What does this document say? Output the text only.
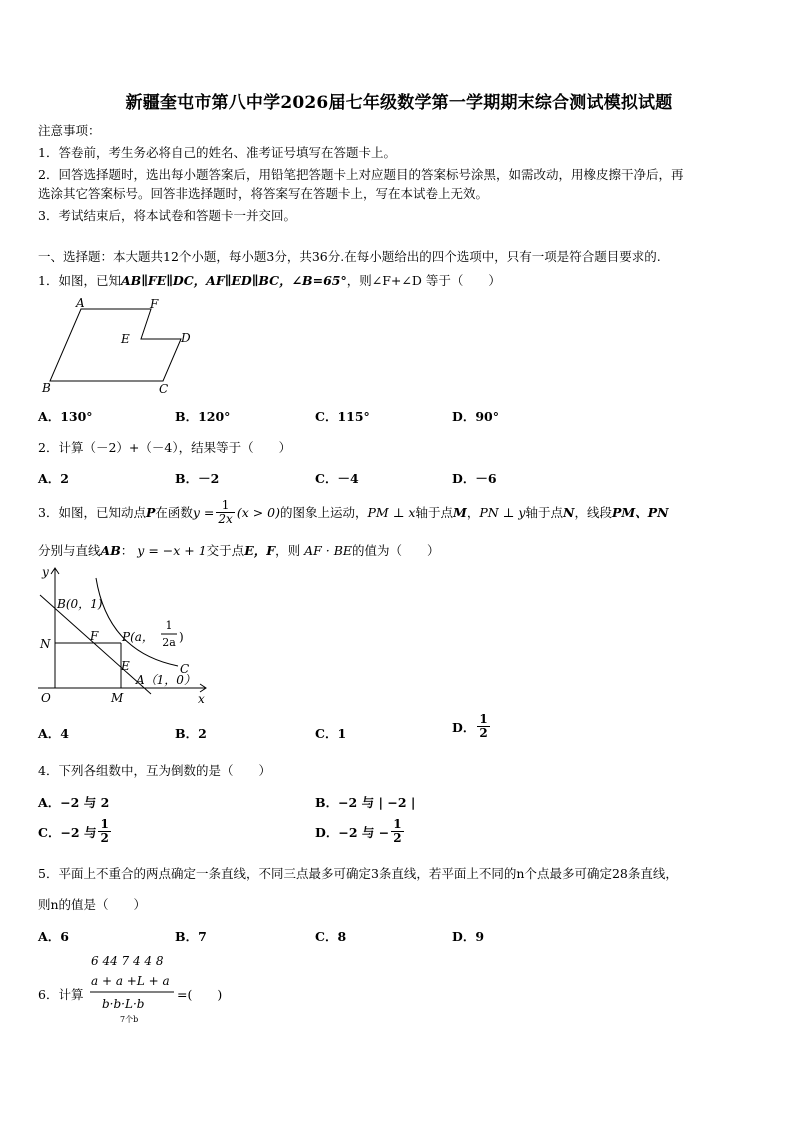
新疆奎屯市第八中学2026届七年级数学第一学期期末综合测试模拟试题
注意事项：
1．答卷前，考生务必将自己的姓名、准考证号填写在答题卡上。
2．回答选择题时，选出每小题答案后，用铅笔把答题卡上对应题目的答案标号涂黑，如需改动，用橡皮擦干净后，再
选涂其它答案标号。回答非选择题时，将答案写在答题卡上，写在本试卷上无效。
3．考试结束后，将本试卷和答题卡一并交回。
一、选择题：本大题共12个小题，每小题3分，共36分.在每小题给出的四个选项中，只有一项是符合题目要求的.
1．如图，已知AB∥FE∥DC，AF∥ED∥BC，∠B=65°，则∠F+∠D 等于（　　）
A	F
E	D
B	C
A．130°	B．120°	C．115°	D．90°
2．计算（－2）+（－4），结果等于（　　）
A．2	B．－2	C．－4	D．－6
3．如图，已知动点 P 在函数 $y = \frac{1}{2x} (x > 0)$ 的图象上运动， PM ⊥ x 轴于点 M ， PN ⊥ y 轴于点 N ，线段 PM、PN
分别与直线AB： y = −x + 1交于点E，F，则 AF · BE的值为（　　）
y
x
O
B(0，1)
N
F P(a，
1
2a )
E	C
A（1，0）
M
A．4	B．2	C．1	D． $\frac{1}{2}$
4．下列各组数中，互为倒数的是（　　）
A．−2 与 2	B．−2 与 | −2 |
C．−2 与 $\frac{1}{2}$	D．−2 与 − $\frac{1}{2}$
5．平面上不重合的两点确定一条直线，不同三点最多可确定3条直线，若平面上不同的n个点最多可确定28条直线，
则n的值是（　　）
A．6	B．7	C．8	D．9
6．计算
6 44 7 4 4 8
a + a +L + a
b·b·L·b
7个b
=(　　)
